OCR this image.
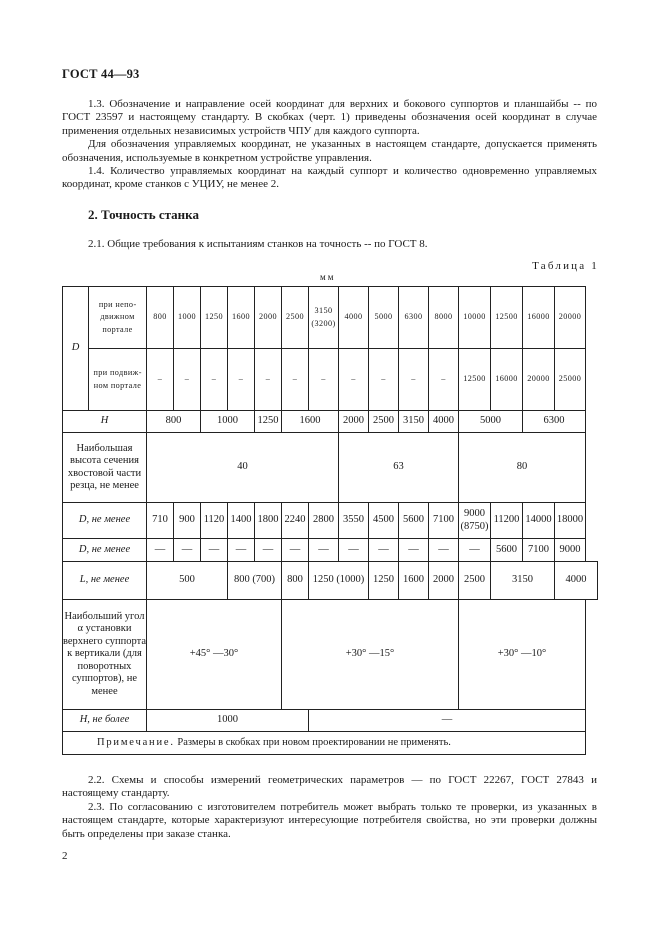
ГОСТ 44—93

1.3. Обозначение и направление осей координат для верхних и бокового суппортов и планшайбы -- по ГОСТ 23597 и настоящему стандарту. В скобках (черт. 1) приведены обозначения осей координат в случае применения отдельных независимых устройств ЧПУ для каждого суппорта.

Для обозначения управляемых координат, не указанных в настоящем стандарте, допускается применять обозначения, используемые в конкретном устройстве управления.

1.4. Количество управляемых координат на каждый суппорт и количество одновременно управляемых координат, кроме станков с УЦИУ, не менее 2.

2. Точность станка
2.1. Общие требования к испытаниям станков на точность -- по ГОСТ 8.
Таблица 1
мм
D	при неподвижном портале	800	1000	1250	1600	2000	2500	3150 (3200)	4000	5000	6300	8000	10000	12500	16000	20000
	при подвижном портале	–	–	–	–	–	–	–	–	–	–	–	12500	16000	20000	25000
H		800		1000		1250	1600		2000	2500	3150	4000	5000		6300	
Наибольшая высота сечения хвостовой части резца, не менее		40							63				80			
D, не менее		710	900	1120	1400	1800	2240	2800	3550	4500	5600	7100	9000 (8750)	11200	14000	18000
D, не менее		—	—	—	—	—	—	—	—	—	—	—	—	5600	7100	9000
L, не менее		500			800 (700)		800	1250 (1000)		1250	1600	2000	2500	3150		4000
Наибольший угол α установки верхнего суппорта к вертикали (для поворотных суппортов), не менее		+45° —30°					+30° —15°						+30° —10°			
H, не более		1000						—								
Примечание. Размеры в скобках при новом проектировании не применять.																

2.2. Схемы и способы измерений геометрических параметров — по ГОСТ 22267, ГОСТ 27843 и настоящему стандарту.

2.3. По согласованию с изготовителем потребитель может выбрать только те проверки, из указанных в настоящем стандарте, которые характеризуют интересующие потребителя свойства, но эти проверки должны быть определены при заказе станка.

2
